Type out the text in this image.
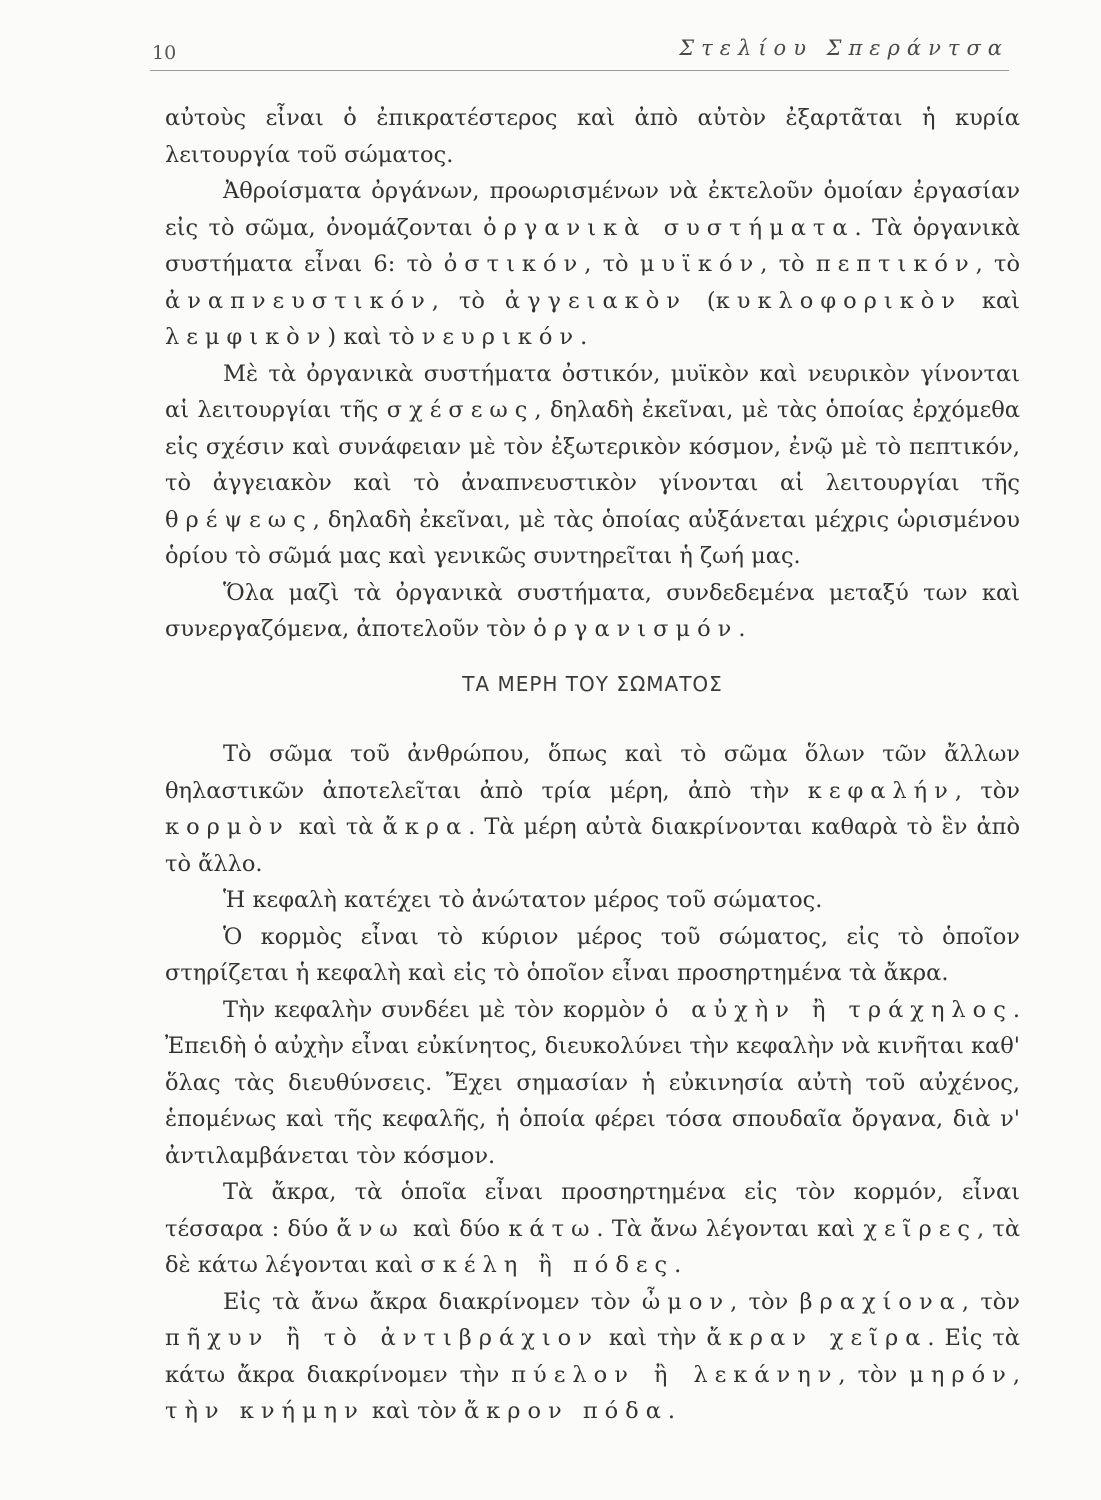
10	Στελίου Σπεράντσα

αὐτοὺς εἶναι ὁ ἐπικρατέστερος καὶ ἀπὸ αὐτὸν ἐξαρτᾶται ἡ κυρία λειτουργία τοῦ σώματος.

Ἀθροίσματα ὀργάνων, προωρισμένων νὰ ἐκτελοῦν ὁμοίαν ἐργασίαν εἰς τὸ σῶμα, ὀνομάζονται ὀργανικὰ συστήματα. Τὰ ὀργανικὰ συστήματα εἶναι 6: τὸ ὀστικόν, τὸ μυϊκόν, τὸ πεπτικόν, τὸ ἀναπνευστικόν, τὸ ἀγγειακὸν (κυκλοφορικὸν καὶ λεμφικὸν) καὶ τὸ νευρικόν.

Μὲ τὰ ὀργανικὰ συστήματα ὀστικόν, μυϊκὸν καὶ νευρικὸν γίνονται αἱ λειτουργίαι τῆς σχέσεως, δηλαδὴ ἐκεῖναι, μὲ τὰς ὁποίας ἐρχόμεθα εἰς σχέσιν καὶ συνάφειαν μὲ τὸν ἐξωτερικὸν κόσμον, ἐνῷ μὲ τὸ πεπτικόν, τὸ ἀγγειακὸν καὶ τὸ ἀναπνευστικὸν γίνονται αἱ λειτουργίαι τῆς θρέψεως, δηλαδὴ ἐκεῖναι, μὲ τὰς ὁποίας αὐξάνεται μέχρις ὡρισμένου ὁρίου τὸ σῶμά μας καὶ γενικῶς συντηρεῖται ἡ ζωή μας.

Ὅλα μαζὶ τὰ ὀργανικὰ συστήματα, συνδεδεμένα μεταξύ των καὶ συνεργαζόμενα, ἀποτελοῦν τὸν ὀργανισμόν.

ΤΑ ΜΕΡΗ ΤΟΥ ΣΩΜΑΤΟΣ

Τὸ σῶμα τοῦ ἀνθρώπου, ὅπως καὶ τὸ σῶμα ὅλων τῶν ἄλλων θηλαστικῶν ἀποτελεῖται ἀπὸ τρία μέρη, ἀπὸ τὴν κεφαλήν, τὸν κορμὸν καὶ τὰ ἄκρα. Τὰ μέρη αὐτὰ διακρίνονται καθαρὰ τὸ ἓν ἀπὸ τὸ ἄλλο.

Ἡ κεφαλὴ κατέχει τὸ ἀνώτατον μέρος τοῦ σώματος.

Ὁ κορμὸς εἶναι τὸ κύριον μέρος τοῦ σώματος, εἰς τὸ ὁποῖον στηρίζεται ἡ κεφαλὴ καὶ εἰς τὸ ὁποῖον εἶναι προσηρτημένα τὰ ἄκρα.

Τὴν κεφαλὴν συνδέει μὲ τὸν κορμὸν ὁ αὐχὴν ἢ τράχηλος. Ἐπειδὴ ὁ αὐχὴν εἶναι εὐκίνητος, διευκολύνει τὴν κεφαλὴν νὰ κινῆται καθ' ὅλας τὰς διευθύνσεις. Ἔχει σημασίαν ἡ εὐκινησία αὐτὴ τοῦ αὐχένος, ἑπομένως καὶ τῆς κεφαλῆς, ἡ ὁποία φέρει τόσα σπουδαῖα ὄργανα, διὰ ν' ἀντιλαμβάνεται τὸν κόσμον.

Τὰ ἄκρα, τὰ ὁποῖα εἶναι προσηρτημένα εἰς τὸν κορμόν, εἶναι τέσσαρα : δύο ἄνω καὶ δύο κάτω. Τὰ ἄνω λέγονται καὶ χεῖρες, τὰ δὲ κάτω λέγονται καὶ σκέλη ἢ πόδες.

Εἰς τὰ ἄνω ἄκρα διακρίνομεν τὸν ὦμον, τὸν βραχίονα, τὸν πῆχυν ἢ τὸ ἀντιβράχιον καὶ τὴν ἄκραν χεῖρα. Εἰς τὰ κάτω ἄκρα διακρίνομεν τὴν πύελον ἢ λεκάνην, τὸν μηρόν, τὴν κνήμην καὶ τὸν ἄκρον πόδα.
